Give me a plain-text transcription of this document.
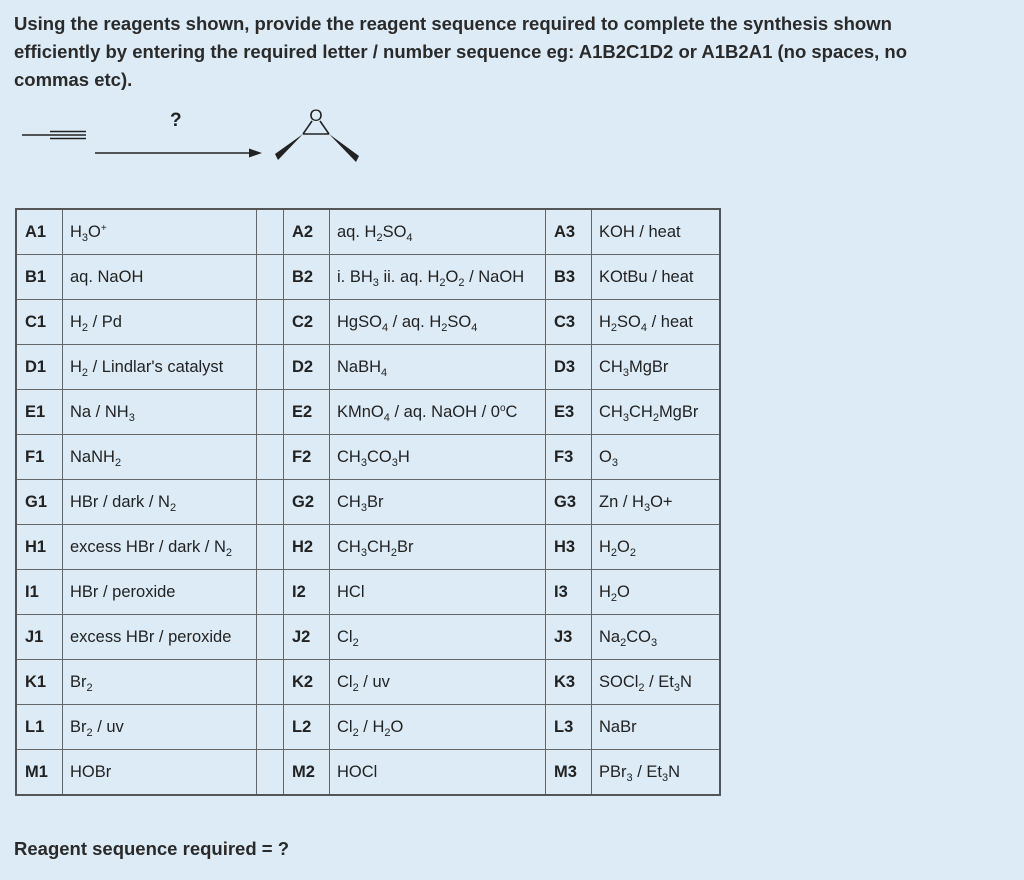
Using the reagents shown, provide the reagent sequence required to complete the synthesis shown
efficiently by entering the required letter / number sequence eg: A1B2C1D2 or A1B2A1 (no spaces, no
commas etc).
O
?
A1	$H_3O^+$		A2	aq. $H_2SO_4$	A3	KOH / heat
B1	aq. NaOH		B2	i. $BH_3$ ii. aq. $H_2O_2$ / NaOH	B3	KOtBu / heat
C1	$H_2$ / Pd		C2	HgSO$_4$ / aq. $H_2SO_4$	C3	$H_2SO_4$ / heat
D1	$H_2$ / Lindlar's catalyst		D2	NaBH$_4$	D3	$CH_3MgBr$
E1	Na / $NH_3$		E2	KMnO$_4$ / aq. NaOH / 0$^o$C	E3	$CH_3CH_2MgBr$
F1	NaNH$_2$		F2	$CH_3CO_3H$	F3	$O_3$
G1	HBr / dark / $N_2$		G2	$CH_3Br$	G3	$Zn / H_3O+$
H1	excess HBr / dark / $N_2$		H2	$CH_3CH_2Br$	H3	$H_2O_2$
I1	HBr / peroxide		I2	HCl	I3	$H_2O$
J1	excess HBr / peroxide		J2	$Cl_2$	J3	$Na_2CO_3$
K1	$Br_2$		K2	$Cl_2$ / uv	K3	SOCl$_2$ / $Et_3N$
L1	$Br_2$ / uv		L2	$Cl_2 / H_2O$	L3	NaBr
M1	HOBr		M2	HOCl	M3	$PBr_3 / Et_3N$
Reagent sequence required = ?
